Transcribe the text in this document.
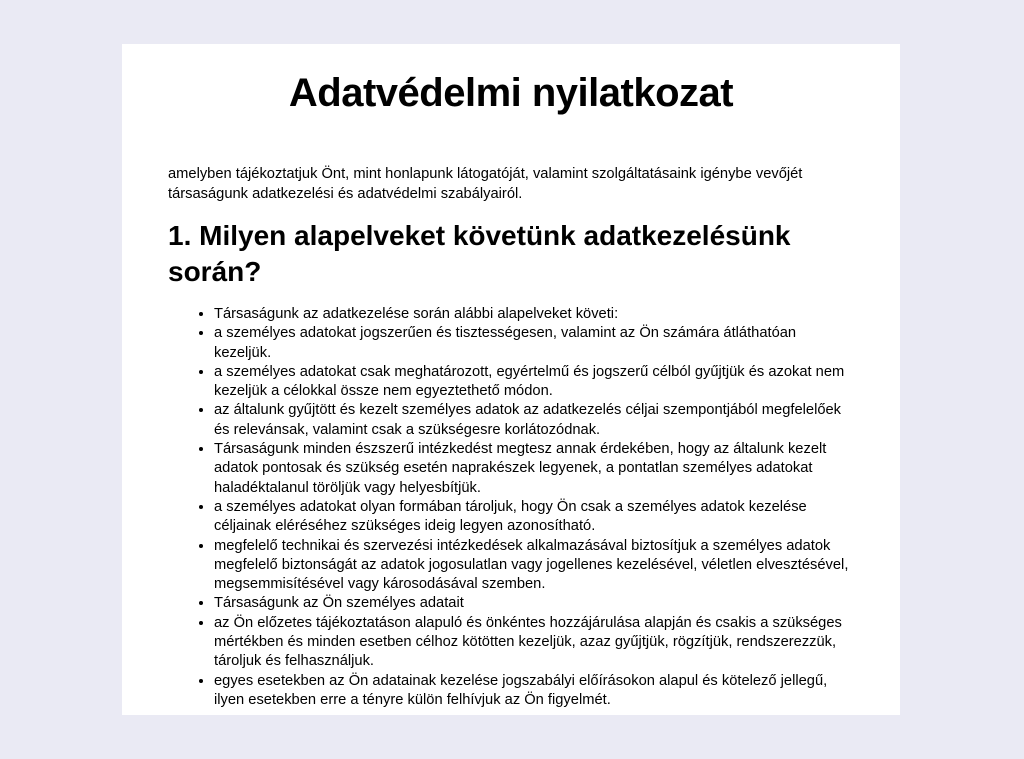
Adatvédelmi nyilatkozat

amelyben tájékoztatjuk Önt, mint honlapunk látogatóját, valamint szolgáltatásaink igénybe vevőjét társaságunk adatkezelési és adatvédelmi szabályairól.

1. Milyen alapelveket követünk adatkezelésünk során?
• Társaságunk az adatkezelése során alábbi alapelveket követi:
• a személyes adatokat jogszerűen és tisztességesen, valamint az Ön számára átláthatóan kezeljük.
• a személyes adatokat csak meghatározott, egyértelmű és jogszerű célból gyűjtjük és azokat nem kezeljük a célokkal össze nem egyeztethető módon.
• az általunk gyűjtött és kezelt személyes adatok az adatkezelés céljai szempontjából megfelelőek és relevánsak, valamint csak a szükségesre korlátozódnak.
• Társaságunk minden észszerű intézkedést megtesz annak érdekében, hogy az általunk kezelt adatok pontosak és szükség esetén naprakészek legyenek, a pontatlan személyes adatokat haladéktalanul töröljük vagy helyesbítjük.
• a személyes adatokat olyan formában tároljuk, hogy Ön csak a személyes adatok kezelése céljainak eléréséhez szükséges ideig legyen azonosítható.
• megfelelő technikai és szervezési intézkedések alkalmazásával biztosítjuk a személyes adatok megfelelő biztonságát az adatok jogosulatlan vagy jogellenes kezelésével, véletlen elvesztésével, megsemmisítésével vagy károsodásával szemben.
• Társaságunk az Ön személyes adatait
• az Ön előzetes tájékoztatáson alapuló és önkéntes hozzájárulása alapján és csakis a szükséges mértékben és minden esetben célhoz kötötten kezeljük, azaz gyűjtjük, rögzítjük, rendszerezzük, tároljuk és felhasználjuk.
• egyes esetekben az Ön adatainak kezelése jogszabályi előírásokon alapul és kötelező jellegű, ilyen esetekben erre a tényre külön felhívjuk az Ön figyelmét.
